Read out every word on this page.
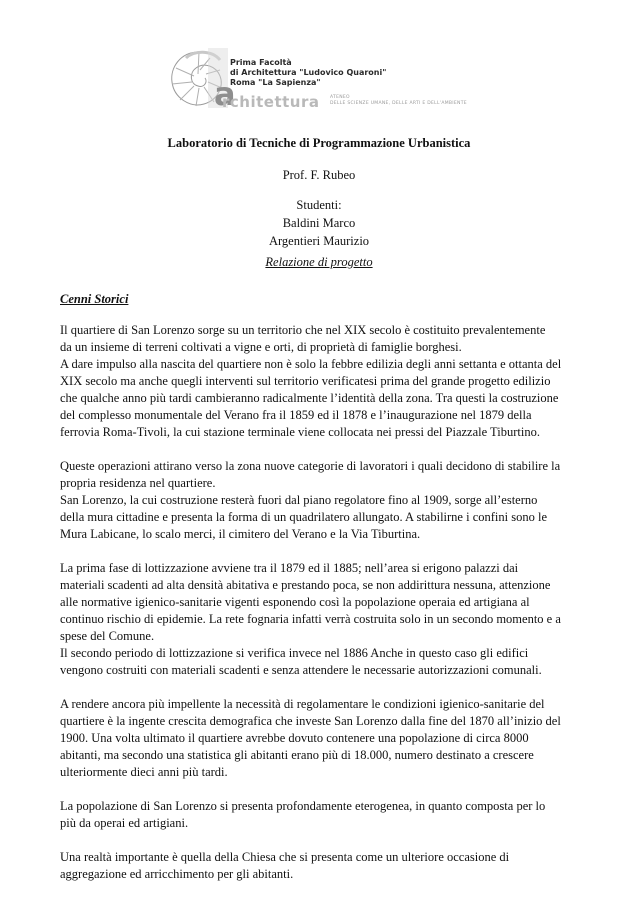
Prima Facoltà
di Architettura "Ludovico Quaroni"
Roma "La Sapienza"
a
rchitettura ATENEO
DELLE SCIENZE UMANE, DELLE ARTI E DELL'AMBIENTE
Laboratorio di Tecniche di Programmazione Urbanistica
Prof. F. Rubeo
Studenti:
Baldini Marco
Argentieri Maurizio
Relazione di progetto
Cenni Storici

Il quartiere di San Lorenzo sorge su un territorio che nel XIX secolo è costituito prevalentemente
da un insieme di terreni coltivati a vigne e orti, di proprietà di famiglie borghesi.
A dare impulso alla nascita del quartiere non è solo la febbre edilizia degli anni settanta e ottanta del
XIX secolo ma anche quegli interventi sul territorio verificatesi prima del grande progetto edilizio
che qualche anno più tardi cambieranno radicalmente l’identità della zona. Tra questi la costruzione
del complesso monumentale del Verano fra il 1859 ed il 1878 e l’inaugurazione nel 1879 della
ferrovia Roma-Tivoli, la cui stazione terminale viene collocata nei pressi del Piazzale Tiburtino.

Queste operazioni attirano verso la zona nuove categorie di lavoratori i quali decidono di stabilire la
propria residenza nel quartiere.
San Lorenzo, la cui costruzione resterà fuori dal piano regolatore fino al 1909, sorge all’esterno
della mura cittadine e presenta la forma di un quadrilatero allungato. A stabilirne i confini sono le
Mura Labicane, lo scalo merci, il cimitero del Verano e la Via Tiburtina.

La prima fase di lottizzazione avviene tra il 1879 ed il 1885; nell’area si erigono palazzi dai
materiali scadenti ad alta densità abitativa e prestando poca, se non addirittura nessuna, attenzione
alle normative igienico-sanitarie vigenti esponendo così la popolazione operaia ed artigiana al
continuo rischio di epidemie. La rete fognaria infatti verrà costruita solo in un secondo momento e a
spese del Comune.
Il secondo periodo di lottizzazione si verifica invece nel 1886 Anche in questo caso gli edifici
vengono costruiti con materiali scadenti e senza attendere le necessarie autorizzazioni comunali.

A rendere ancora più impellente la necessità di regolamentare le condizioni igienico-sanitarie del
quartiere è la ingente crescita demografica che investe San Lorenzo dalla fine del 1870 all’inizio del
1900. Una volta ultimato il quartiere avrebbe dovuto contenere una popolazione di circa 8000
abitanti, ma secondo una statistica gli abitanti erano più di 18.000, numero destinato a crescere
ulteriormente dieci anni più tardi.

La popolazione di San Lorenzo si presenta profondamente eterogenea, in quanto composta per lo
più da operai ed artigiani.

Una realtà importante è quella della Chiesa che si presenta come un ulteriore occasione di
aggregazione ed arricchimento per gli abitanti.
